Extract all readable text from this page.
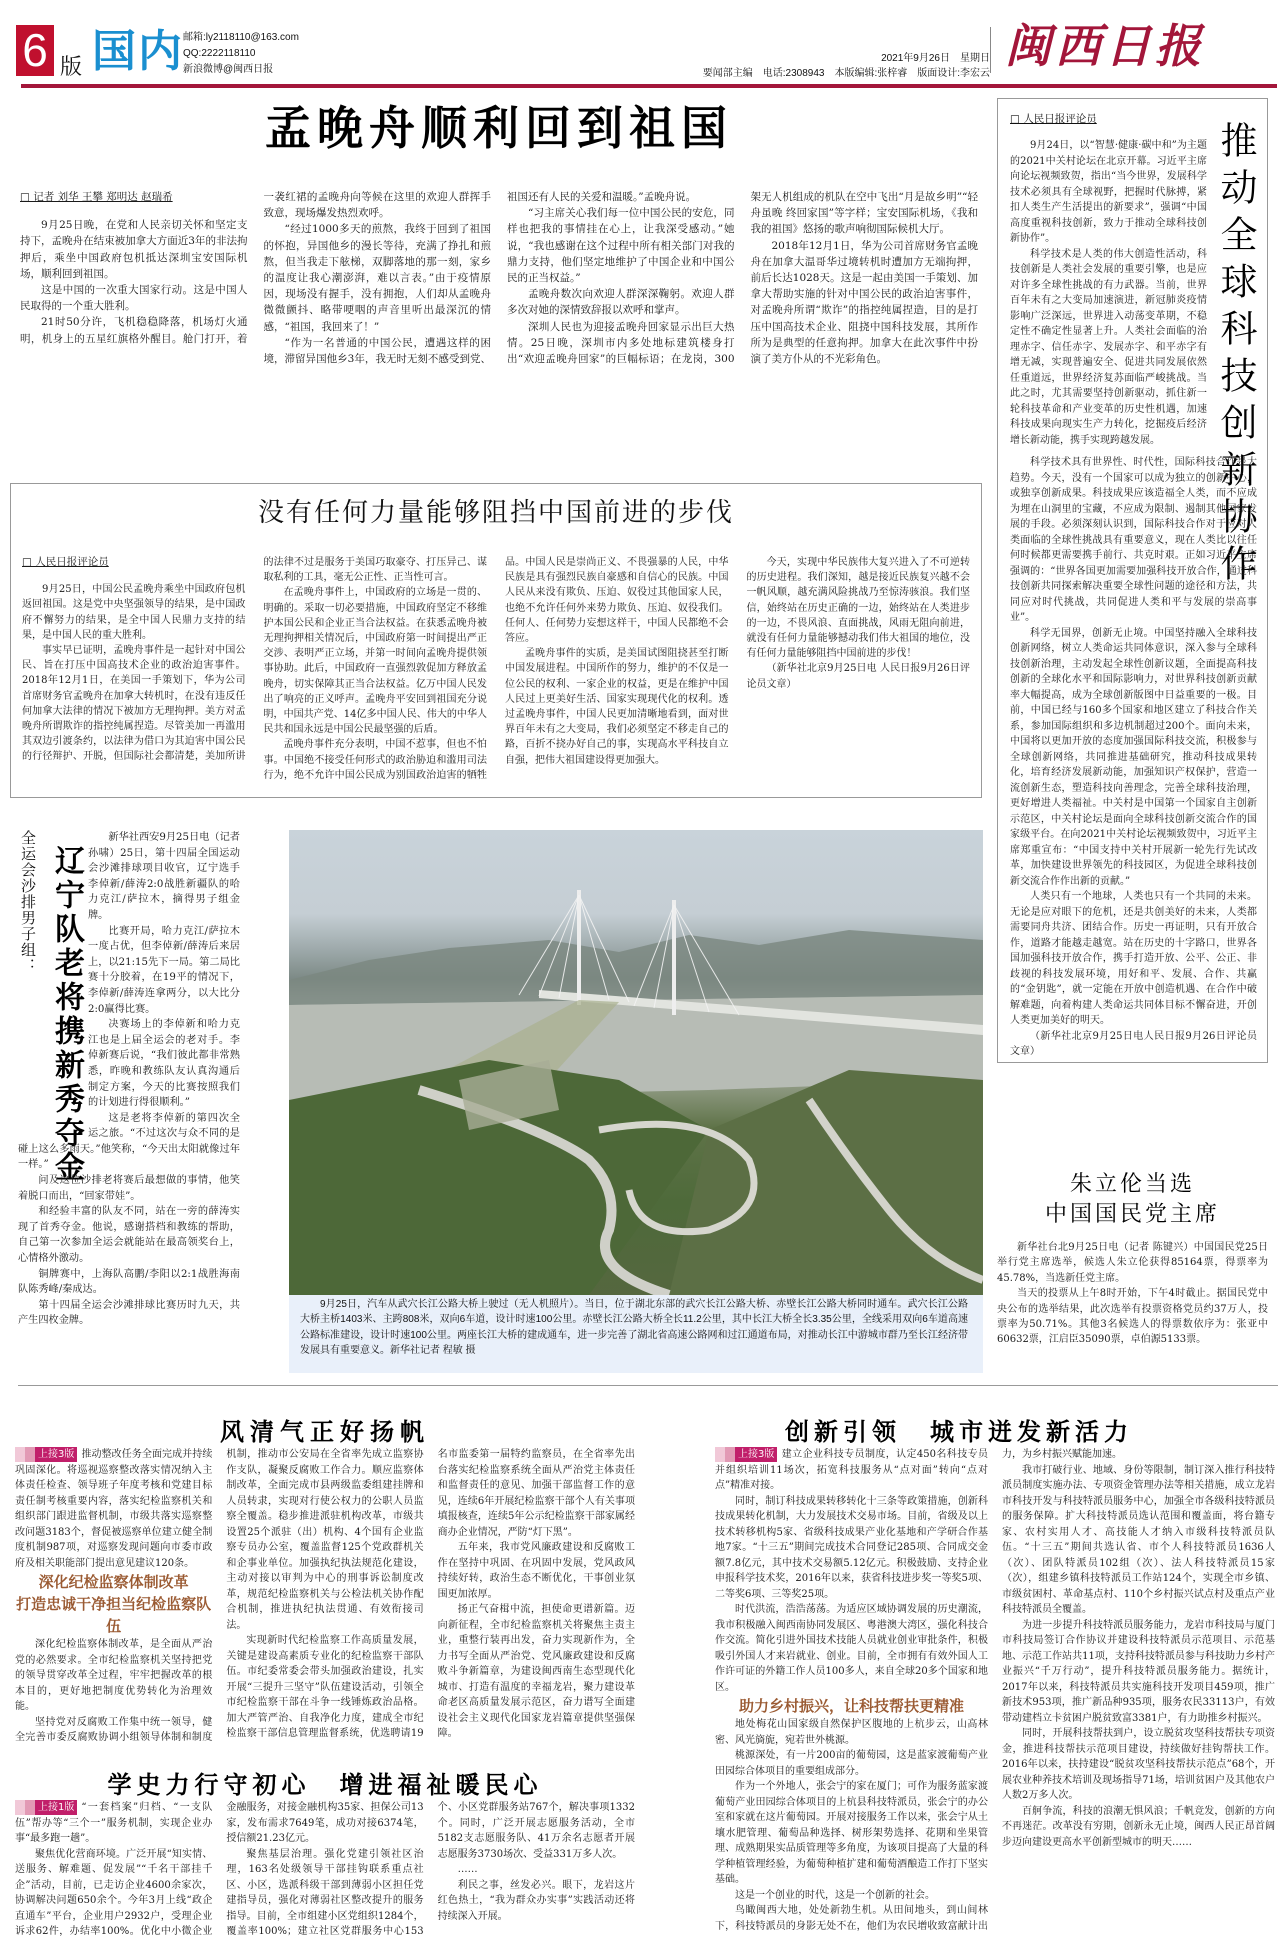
6 版 国内 邮箱:ly2118110@163.com
QQ:2222118110
新浪微博@闽西日报
2021年9月26日　星期日
要闻部主编　电话:2308943　本版编辑:张梓睿　版面设计:李宏云
闽西日报
孟晚舟顺利回到祖国
□ 记者 刘华 王攀 郑明达 赵瑞希

9月25日晚，在党和人民亲切关怀和坚定支持下，孟晚舟在结束被加拿大方面近3年的非法拘押后，乘坐中国政府包机抵达深圳宝安国际机场，顺利回到祖国。

这是中国的一次重大国家行动。这是中国人民取得的一个重大胜利。

21时50分许，飞机稳稳降落，机场灯火通明，机身上的五星红旗格外醒目。舱门打开，着一袭红裙的孟晚舟向等候在这里的欢迎人群挥手致意，现场爆发热烈欢呼。

“经过1000多天的煎熬，我终于回到了祖国的怀抱，异国他乡的漫长等待，充满了挣扎和煎熬，但当我走下舷梯，双脚落地的那一刻，家乡的温度让我心潮澎湃，难以言表。”由于疫情原因，现场没有握手，没有拥抱，人们却从孟晚舟微微颤抖、略带哽咽的声音里听出最深沉的情感，“祖国，我回来了！”

“作为一名普通的中国公民，遭遇这样的困境，滞留异国他乡3年，我无时无刻不感受到党、祖国还有人民的关爱和温暖。”孟晚舟说。

“习主席关心我们每一位中国公民的安危，同样也把我的事情挂在心上，让我深受感动。”她说，“我也感谢在这个过程中所有相关部门对我的鼎力支持，他们坚定地维护了中国企业和中国公民的正当权益。”

孟晚舟数次向欢迎人群深深鞠躬。欢迎人群多次对她的深情致辞报以欢呼和掌声。

深圳人民也为迎接孟晚舟回家显示出巨大热情。25日晚，深圳市内多处地标建筑楼身打出“欢迎孟晚舟回家”的巨幅标语；在龙岗，300架无人机组成的机队在空中飞出“月是故乡明”“轻舟虽晚 终回家国”等字样；宝安国际机场，《我和我的祖国》悠扬的歌声响彻国际候机大厅。

2018年12月1日，华为公司首席财务官孟晚舟在加拿大温哥华过境转机时遭加方无端拘押，前后长达1028天。这是一起由美国一手策划、加拿大帮助实施的针对中国公民的政治迫害事件，对孟晚舟所谓“欺诈”的指控纯属捏造，目的是打压中国高技术企业、阻挠中国科技发展，其所作所为是典型的任意拘押。加拿大在此次事件中扮演了美方仆从的不光彩角色。

没有任何力量能够阻挡中国前进的步伐
□ 人民日报评论员

9月25日，中国公民孟晚舟乘坐中国政府包机返回祖国。这是党中央坚强领导的结果，是中国政府不懈努力的结果，是全中国人民鼎力支持的结果，是中国人民的重大胜利。

事实早已证明，孟晚舟事件是一起针对中国公民、旨在打压中国高技术企业的政治迫害事件。2018年12月1日，在美国一手策划下，华为公司首席财务官孟晚舟在加拿大转机时，在没有违反任何加拿大法律的情况下被加方无理拘押。美方对孟晚舟所谓欺诈的指控纯属捏造。尽管美加一再滥用其双边引渡条约，以法律为借口为其迫害中国公民的行径辩护、开脱，但国际社会都清楚，美加所讲的法律不过是服务于美国巧取豪夺、打压异己、谋取私利的工具，毫无公正性、正当性可言。

在孟晚舟事件上，中国政府的立场是一贯的、明确的。采取一切必要措施，中国政府坚定不移维护本国公民和企业正当合法权益。在获悉孟晚舟被无理拘押相关情况后，中国政府第一时间提出严正交涉、表明严正立场，并第一时间向孟晚舟提供领事协助。此后，中国政府一直强烈敦促加方释放孟晚舟，切实保障其正当合法权益。亿万中国人民发出了响亮的正义呼声。孟晚舟平安回到祖国充分说明，中国共产党、14亿多中国人民、伟大的中华人民共和国永远是中国公民最坚强的后盾。

孟晚舟事件充分表明，中国不惹事，但也不怕事。中国绝不接受任何形式的政治胁迫和滥用司法行为，绝不允许中国公民成为别国政治迫害的牺牲品。中国人民是崇尚正义、不畏强暴的人民，中华民族是具有强烈民族自豪感和自信心的民族。中国人民从来没有欺负、压迫、奴役过其他国家人民，也绝不允许任何外来势力欺负、压迫、奴役我们。任何人、任何势力妄想这样干，中国人民都绝不会答应。

孟晚舟事件的实质，是美国试图阻挠甚至打断中国发展进程。中国所作的努力，维护的不仅是一位公民的权利、一家企业的权益，更是在维护中国人民过上更美好生活、国家实现现代化的权利。透过孟晚舟事件，中国人民更加清晰地看到，面对世界百年未有之大变局，我们必须坚定不移走自己的路，百折不挠办好自己的事，实现高水平科技自立自强，把伟大祖国建设得更加强大。

今天，实现中华民族伟大复兴进入了不可逆转的历史进程。我们深知，越是接近民族复兴越不会一帆风顺，越充满风险挑战乃至惊涛骇浪。我们坚信，始终站在历史正确的一边，始终站在人类进步的一边，不畏风浪、直面挑战，风雨无阻向前进，就没有任何力量能够撼动我们伟大祖国的地位，没有任何力量能够阻挡中国前进的步伐！

（新华社北京9月25日电 人民日报9月26日评论员文章）

推动全球科技创新协作
□ 人民日报评论员

9月24日，以“智慧·健康·碳中和”为主题的2021中关村论坛在北京开幕。习近平主席向论坛视频致贺，指出“当今世界，发展科学技术必须具有全球视野，把握时代脉搏，紧扣人类生产生活提出的新要求”，强调“中国高度重视科技创新，致力于推动全球科技创新协作”。

科学技术是人类的伟大创造性活动，科技创新是人类社会发展的重要引擎，也是应对许多全球性挑战的有力武器。当前，世界百年未有之大变局加速演进，新冠肺炎疫情影响广泛深远，世界进入动荡变革期，不稳定性不确定性显著上升。人类社会面临的治理赤字、信任赤字、发展赤字、和平赤字有增无减，实现普遍安全、促进共同发展依然任重道远，世界经济复苏面临严峻挑战。当此之时，尤其需要坚持创新驱动，抓住新一轮科技革命和产业变革的历史性机遇，加速科技成果向现实生产力转化，挖掘疫后经济增长新动能，携手实现跨越发展。

科学技术具有世界性、时代性，国际科技合作是大趋势。今天，没有一个国家可以成为独立的创新中心，或独享创新成果。科技成果应该造福全人类，而不应成为埋在山洞里的宝藏，不应成为限制、遏制其他国家发展的手段。必须深刻认识到，国际科技合作对于应对人类面临的全球性挑战具有重要意义，现在人类比以往任何时候都更需要携手前行、共克时艰。正如习近平主席强调的：“世界各国更加需要加强科技开放合作，通过科技创新共同探索解决重要全球性问题的途径和方法，共同应对时代挑战，共同促进人类和平与发展的崇高事业”。

科学无国界，创新无止境。中国坚持融入全球科技创新网络，树立人类命运共同体意识，深入参与全球科技创新治理，主动发起全球性创新议题，全面提高科技创新的全球化水平和国际影响力，对世界科技创新贡献率大幅提高，成为全球创新版图中日益重要的一极。目前，中国已经与160多个国家和地区建立了科技合作关系，参加国际组织和多边机制超过200个。面向未来，中国将以更加开放的态度加强国际科技交流，积极参与全球创新网络，共同推进基础研究，推动科技成果转化，培育经济发展新动能，加强知识产权保护，营造一流创新生态，塑造科技向善理念，完善全球科技治理，更好增进人类福祉。中关村是中国第一个国家自主创新示范区，中关村论坛是面向全球科技创新交流合作的国家级平台。在向2021中关村论坛视频致贺中，习近平主席郑重宣布：“中国支持中关村开展新一轮先行先试改革，加快建设世界领先的科技园区，为促进全球科技创新交流合作作出新的贡献。”

人类只有一个地球，人类也只有一个共同的未来。无论是应对眼下的危机，还是共创美好的未来，人类都需要同舟共济、团结合作。历史一再证明，只有开放合作，道路才能越走越宽。站在历史的十字路口，世界各国加强科技开放合作，携手打造开放、公平、公正、非歧视的科技发展环境，用好和平、发展、合作、共赢的“金钥匙”，就一定能在开放中创造机遇、在合作中破解难题，向着构建人类命运共同体目标不懈奋进，开创人类更加美好的明天。

（新华社北京9月25日电人民日报9月26日评论员文章）

全运会沙排男子组： 辽宁队老将携新秀夺金

新华社西安9月25日电（记者 孙啸）25日，第十四届全国运动会沙滩排球项目收官，辽宁选手李倬新/薛涛2:0战胜新疆队的哈力克江/萨拉木，摘得男子组金牌。

比赛开局，哈力克江/萨拉木一度占优，但李倬新/薛涛后来居上，以21:15先下一局。第二局比赛十分胶着，在19平的情况下，李倬新/薛涛连拿两分，以大比分2:0赢得比赛。

决赛场上的李倬新和哈力克江也是上届全运会的老对手。李倬新赛后说，“我们彼此都非常熟悉，昨晚和教练队友认真沟通后制定方案，今天的比赛按照我们的计划进行得很顺利。”

这是老将李倬新的第四次全运之旅。“不过这次与众不同的是碰上这么多雨天。”他笑称，“今天出太阳就像过年一样。”

问及这位沙排老将赛后最想做的事情，他笑着脱口而出，“回家带娃”。

和经验丰富的队友不同，站在一旁的薛涛实现了首秀夺金。他说，感谢搭档和教练的帮助，自己第一次参加全运会就能站在最高领奖台上，心情格外激动。

铜牌赛中，上海队高鹏/李阳以2:1战胜海南队陈秀峰/秦成达。

第十四届全运会沙滩排球比赛历时九天，共产生四枚金牌。

9月25日，汽车从武穴长江公路大桥上驶过（无人机照片）。当日，位于湖北东部的武穴长江公路大桥、赤壁长江公路大桥同时通车。武穴长江公路大桥主桥1403米、主跨808米，双向6车道，设计时速100公里。赤壁长江公路大桥全长11.2公里，其中长江大桥全长3.35公里，全线采用双向6车道高速公路标准建设，设计时速100公里。两座长江大桥的建成通车，进一步完善了湖北省高速公路网和过江通道布局，对推动长江中游城市群乃至长江经济带发展具有重要意义。新华社记者 程敏 摄
朱立伦当选
中国国民党主席

新华社台北9月25日电（记者 陈键兴）中国国民党25日举行党主席选举，候选人朱立伦获得85164票，得票率为45.78%，当选新任党主席。

当天的投票从上午8时开始，下午4时截止。据国民党中央公布的选举结果，此次选举有投票资格党员约37万人，投票率为50.71%。其他3名候选人的得票数依序为：张亚中60632票，江启臣35090票，卓伯源5133票。

风清气正好扬帆

上接3版 推动整改任务全面完成并持续巩固深化。将巡视巡察整改落实情况纳入主体责任检查、领导班子年度考核和党建目标责任制考核重要内容，落实纪检监察机关和组织部门跟进监督机制，市级共落实巡察整改问题3183个，督促被巡察单位建立健全制度机制987项，对巡察发现问题向市委市政府及相关职能部门提出意见建议120条。

深化纪检监察体制改革
打造忠诚干净担当纪检监察队伍

深化纪检监察体制改革，是全面从严治党的必然要求。全市纪检监察机关坚持把党的领导贯穿改革全过程，牢牢把握改革的根本目的，更好地把制度优势转化为治理效能。

坚持党对反腐败工作集中统一领导，健全完善市委反腐败协调小组领导体制和制度机制，推动市公安局在全省率先成立监察协作支队，凝聚反腐败工作合力。顺应监察体制改革，全面完成市县两级监委组建挂牌和人员转隶，实现对行使公权力的公职人员监察全覆盖。稳步推进派驻机构改革，市级共设置25个派驻（出）机构、4个国有企业监察专员办公室，覆盖监督125个党政群机关和企事业单位。加强执纪执法规范化建设，主动对接以审判为中心的刑事诉讼制度改革，规范纪检监察机关与公检法机关协作配合机制，推进执纪执法贯通、有效衔接司法。

实现新时代纪检监察工作高质量发展，关键是建设高素质专业化的纪检监察干部队伍。市纪委常委会带头加强政治建设，扎实开展“三提升三坚守”队伍建设活动，引领全市纪检监察干部在斗争一线锤炼政治品格。加大严管严治、自我净化力度，建成全市纪检监察干部信息管理监督系统，优选聘请19名市监委第一届特约监察员，在全省率先出台落实纪检监察系统全面从严治党主体责任和监督责任的意见、加强干部监督工作的意见，连续6年开展纪检监察干部个人有关事项填报核查，连续5年公示纪检监察干部家属经商办企业情况，严防“灯下黑”。

五年来，我市党风廉政建设和反腐败工作在坚持中巩固、在巩固中发展，党风政风持续好转，政治生态不断优化，干事创业氛围更加浓厚。

扬正气奋楫中流，担使命更谱新篇。迈向新征程，全市纪检监察机关将聚焦主责主业，重整行装再出发，奋力实现新作为，全力书写全面从严治党、党风廉政建设和反腐败斗争新篇章，为建设闽西南生态型现代化城市、打造有温度的幸福龙岩，聚力建设革命老区高质量发展示范区，奋力谱写全面建设社会主义现代化国家龙岩篇章提供坚强保障。

学史力行守初心　增进福祉暖民心

上接1版 “一套档案”归档、“一支队伍”帮办等“三个一”服务机制，实现企业办事“最多跑一趟”。

聚焦优化营商环境。广泛开展“知实情、送服务、解难题、促发展”“千名干部挂千企”活动，目前，已走访企业4600余家次，协调解决问题650余个。今年3月上线“政企直通车”平台，企业用户2932户，受理企业诉求62件，办结率100%。优化中小微企业金融服务，对接金融机构35家、担保公司13家，发布需求7649笔，成功对接6374笔，授信额21.23亿元。

聚焦基层治理。强化党建引领社区治理，163名处级领导干部挂钩联系重点社区、小区，选派科级干部到薄弱小区担任党建指导员，强化对薄弱社区整改提升的服务指导。目前，全市组建小区党组织1284个，覆盖率100%；建立社区党群服务中心153个、小区党群服务站767个，解决事项1332个。同时，广泛开展志愿服务活动，全市5182支志愿服务队、41万余名志愿者开展志愿服务3730场次、受益331万多人次。

……

利民之事，丝发必兴。眼下，龙岩这片红色热土，“我为群众办实事”实践活动还将持续深入开展。

创新引领　城市迸发新活力

上接3版 建立企业科技专员制度，认定450名科技专员并组织培训11场次，拓宽科技服务从“点对面”转向“点对点”精准对接。

同时，制订科技成果转移转化十三条等政策措施，创新科技成果转化机制，大力发展技术交易市场。目前，省级及以上技术转移机构5家、省级科技成果产业化基地和产学研合作基地7家。“十三五”期间完成技术合同登记285项、合同成交金额7.8亿元，其中技术交易额5.12亿元。积极鼓励、支持企业申报科学技术奖，2016年以来，获省科技进步奖一等奖5项、二等奖6项、三等奖25项。

时代洪流，浩浩荡荡。为适应区域协调发展的历史潮流，我市积极融入闽西南协同发展区、粤港澳大湾区，强化科技合作交流。简化引进外国技术技能人员就业创业审批条件，积极吸引外国人才来岩就业、创业。目前，全市拥有有效外国人工作许可证的外籍工作人员100多人，来自全球20多个国家和地区。

助力乡村振兴，让科技帮扶更精准

地处梅花山国家级自然保护区腹地的上杭步云，山高林密、风光旖旎，宛若世外桃源。

桃源深处，有一片200亩的葡萄园，这是蓝家渡葡萄产业田园综合体项目的重要组成部分。

作为一个外地人，张会宁的家在厦门；可作为服务蓝家渡葡萄产业田园综合体项目的上杭县科技特派员，张会宁的办公室和家就在这片葡萄园。开展对接服务工作以来，张会宁从土壤水肥管理、葡萄品种选择、树形架势选择、花期和坐果管理、成熟期果实品质管理等多角度，为该项目提高了大量的科学种植管理经验，为葡萄种植扩建和葡萄酒酿造工作打下坚实基础。

这是一个创业的时代，这是一个创新的社会。

鸟瞰闽西大地，处处新勃生机。从田间地头，到山间林下，科技特派员的身影无处不在，他们为农民增收致富献计出力，为乡村振兴赋能加速。

我市打破行业、地域、身份等限制，制订深入推行科技特派员制度实施办法、专项资金管理办法等相关措施，成立龙岩市科技开发与科技特派员服务中心，加强全市各级科技特派员的服务保障。扩大科技特派员选认范围和覆盖面，将台籍专家、农村实用人才、高技能人才纳入市级科技特派员队伍。“十三五”期间共选认省、市个人科技特派员1636人（次）、团队特派员102组（次）、法人科技特派员15家（次），组建乡镇科技特派员工作站124个，实现全市乡镇、市级贫困村、革命基点村、110个乡村振兴试点村及重点产业科技特派员全覆盖。

为进一步提升科技特派员服务能力，龙岩市科技局与厦门市科技局签订合作协议并建设科技特派员示范项目、示范基地、示范工作站共11项，支持科技特派员参与科技助力乡村产业振兴“千万行动”，提升科技特派员服务能力。据统计，2017年以来，科技特派员共实施科技开发项目459项，推广新技术953项，推广新品种935项，服务农民33113户，有效带动建档立卡贫困户脱贫致富3381户，有力助推乡村振兴。

同时，开展科技帮扶到户，设立脱贫攻坚科技帮扶专项资金，推进科技帮扶示范项目建设，持续做好挂钩帮扶工作。2016年以来，扶持建设“脱贫攻坚科技帮扶示范点”68个，开展农业种养技术培训及现场指导71场，培训贫困户及其他农户人数2万多人次。

百舸争流，科技的浪潮无惧风浪；千帆竞发，创新的方向不再迷茫。改革没有穷期，创新永无止境，闽西人民正昂首阔步迈向建设更高水平创新型城市的明天……
